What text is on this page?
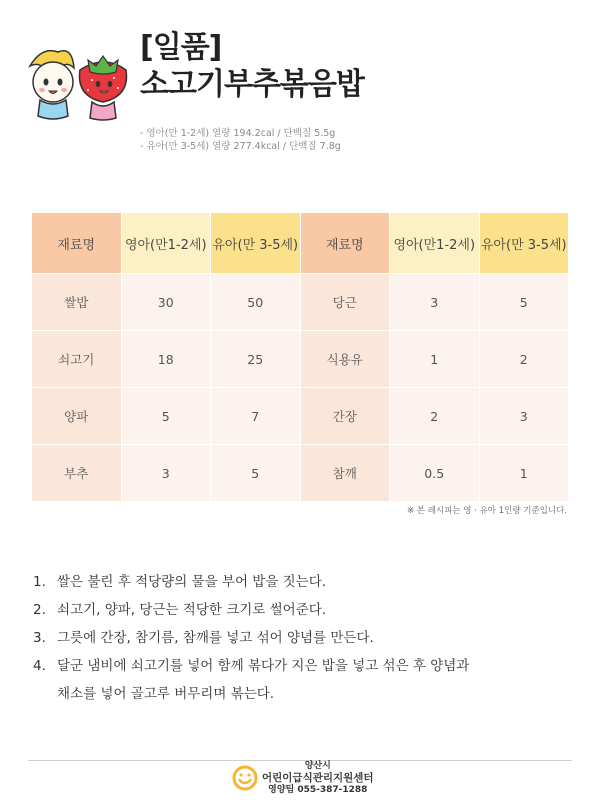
[일품]
소고기부추볶음밥
- 영아(만 1-2세) 열량 194.2cal / 단백질 5.5g
- 유아(만 3-5세) 열량 277.4kcal / 단백질 7.8g
재료명	영아(만1-2세)	유아(만 3-5세)	재료명	영아(만1-2세)	유아(만 3-5세)
쌀밥	30	50	당근	3	5
쇠고기	18	25	식용유	1	2
양파	5	7	간장	2	3
부추	3	5	참깨	0.5	1
※ 본 레시피는 영 · 유아 1인량 기준입니다.
1. 쌀은 불린 후 적당량의 물을 부어 밥을 짓는다.
2. 쇠고기, 양파, 당근는 적당한 크기로 썰어준다.
3. 그릇에 간장, 참기름, 참깨를 넣고 섞어 양념를 만든다.
4. 달군 냄비에 쇠고기를 넣어 함께 볶다가 지은 밥을 넣고 섞은 후 양념과
채소를 넣어 골고루 버무리며 볶는다.
양산시
어린이급식관리지원센터
영양팀 055-387-1288
